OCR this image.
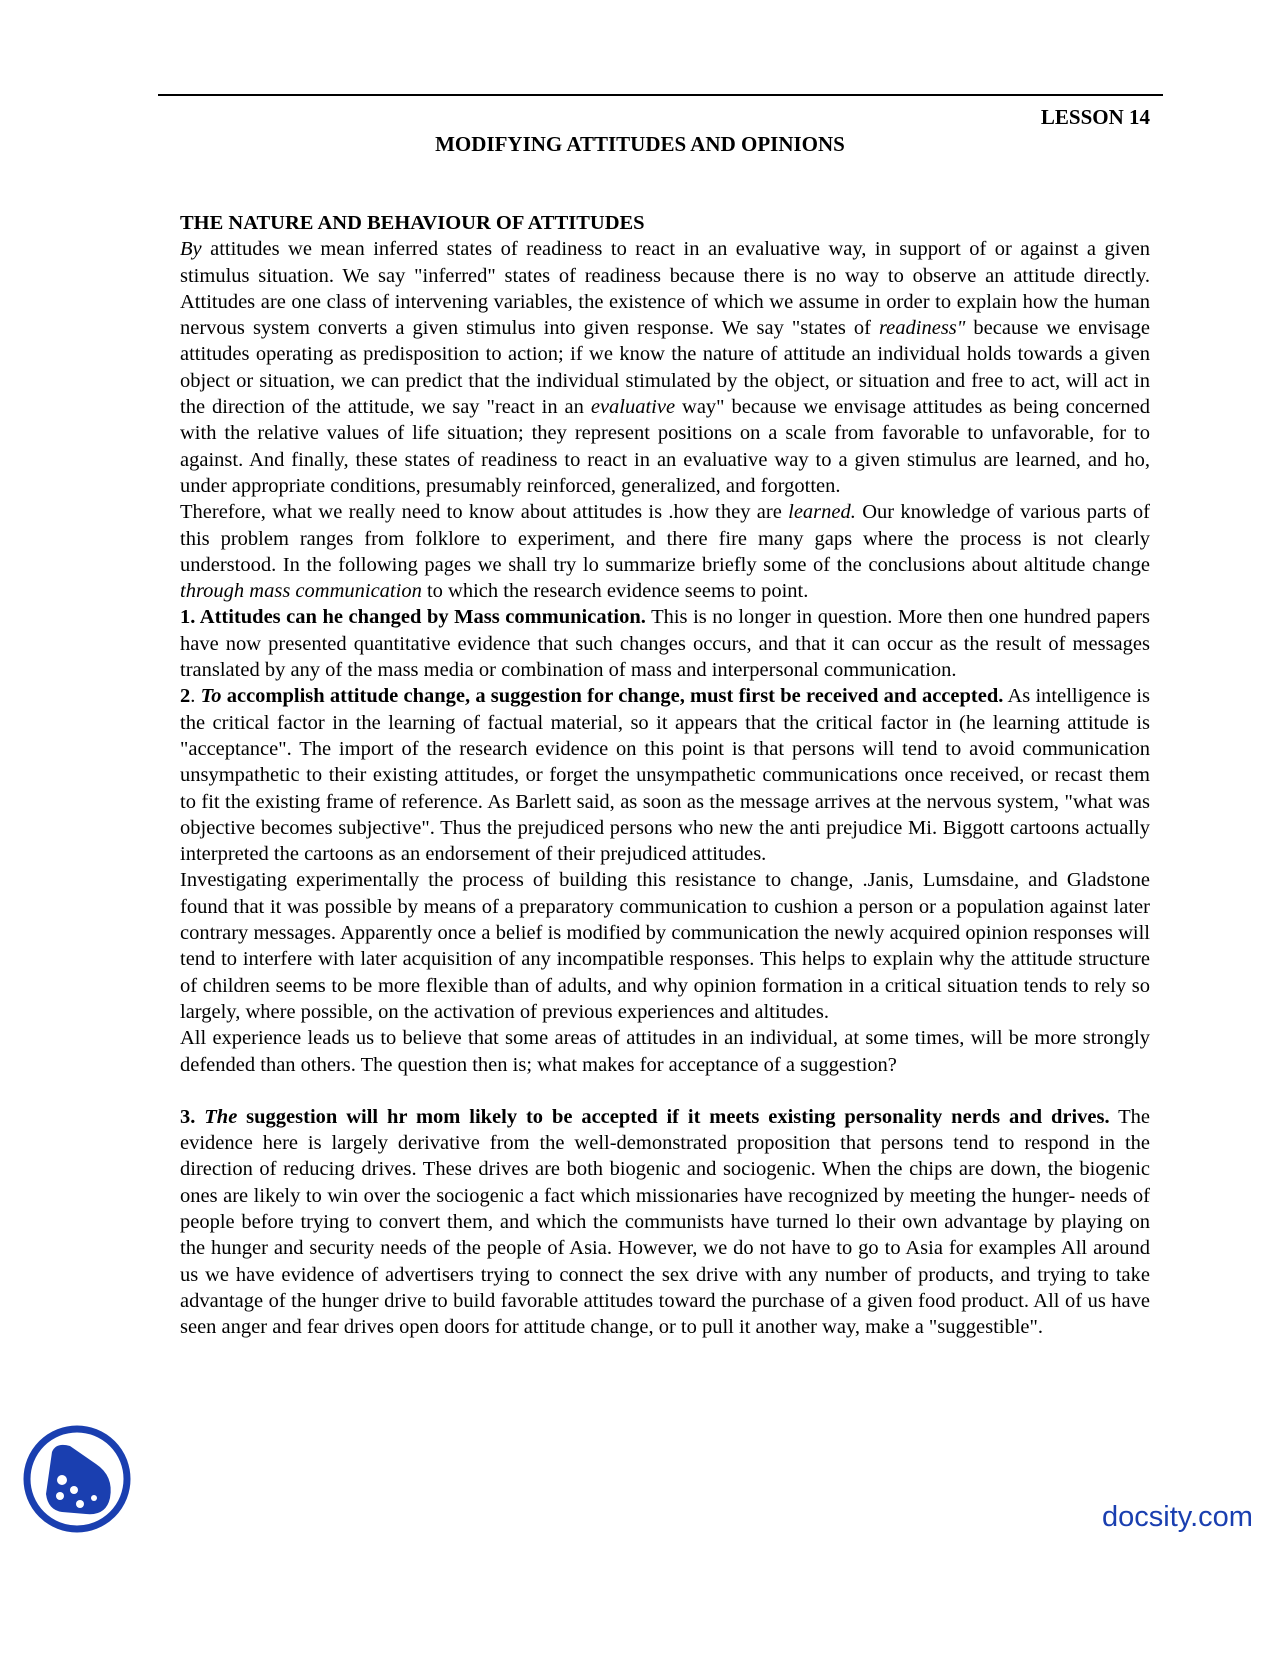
LESSON 14
MODIFYING ATTITUDES AND OPINIONS

THE NATURE AND BEHAVIOUR OF ATTITUDES

By attitudes we mean inferred states of readiness to react in an evaluative way, in support of or against a given stimulus situation. We say "inferred" states of readiness because there is no way to observe an attitude directly. Attitudes are one class of intervening variables, the existence of which we assume in order to explain how the human nervous system converts a given stimulus into given response. We say "states of readiness" because we envisage attitudes operating as predisposition to action; if we know the nature of attitude an individual holds towards a given object or situation, we can predict that the individual stimulated by the object, or situation and free to act, will act in the direction of the attitude, we say "react in an evaluative way" because we envisage attitudes as being concerned with the relative values of life situation; they represent positions on a scale from favorable to unfavorable, for to against. And finally, these states of readiness to react in an evaluative way to a given stimulus are learned, and ho, under appropriate conditions, presumably reinforced, generalized, and forgotten.

Therefore, what we really need to know about attitudes is .how they are learned. Our knowledge of various parts of this problem ranges from folklore to experiment, and there fire many gaps where the process is not clearly understood. In the following pages we shall try lo summarize briefly some of the conclusions about altitude change through mass communication to which the research evidence seems to point.

1. Attitudes can he changed by Mass communication. This is no longer in question. More then one hundred papers have now presented quantitative evidence that such changes occurs, and that it can occur as the result of messages translated by any of the mass media or combination of mass and interpersonal communication.

2. To accomplish attitude change, a suggestion for change, must first be received and accepted. As intelligence is the critical factor in the learning of factual material, so it appears that the critical factor in (he learning attitude is "acceptance". The import of the research evidence on this point is that persons will tend to avoid communication unsympathetic to their existing attitudes, or forget the unsympathetic communications once received, or recast them to fit the existing frame of reference. As Barlett said, as soon as the message arrives at the nervous system, "what was objective becomes subjective". Thus the prejudiced persons who new the anti prejudice Mi. Biggott cartoons actually interpreted the cartoons as an endorsement of their prejudiced attitudes.

Investigating experimentally the process of building this resistance to change, .Janis, Lumsdaine, and Gladstone found that it was possible by means of a preparatory communication to cushion a person or a population against later contrary messages. Apparently once a belief is modified by communication the newly acquired opinion responses will tend to interfere with later acquisition of any incompatible responses. This helps to explain why the attitude structure of children seems to be more flexible than of adults, and why opinion formation in a critical situation tends to rely so largely, where possible, on the activation of previous experiences and altitudes.

All experience leads us to believe that some areas of attitudes in an individual, at some times, will be more strongly defended than others. The question then is; what makes for acceptance of a suggestion?

3. The suggestion will hr mom likely to be accepted if it meets existing personality nerds and drives. The evidence here is largely derivative from the well-demonstrated proposition that persons tend to respond in the direction of reducing drives. These drives are both biogenic and sociogenic. When the chips are down, the biogenic ones are likely to win over the sociogenic a fact which missionaries have recognized by meeting the hunger- needs of people before trying to convert them, and which the communists have turned lo their own advantage by playing on the hunger and security needs of the people of Asia. However, we do not have to go to Asia for examples All around us we have evidence of advertisers trying to connect the sex drive with any number of products, and trying to take advantage of the hunger drive to build favorable attitudes toward the purchase of a given food product. All of us have seen anger and fear drives open doors for attitude change, or to pull it another way, make a "suggestible".

docsity.com
